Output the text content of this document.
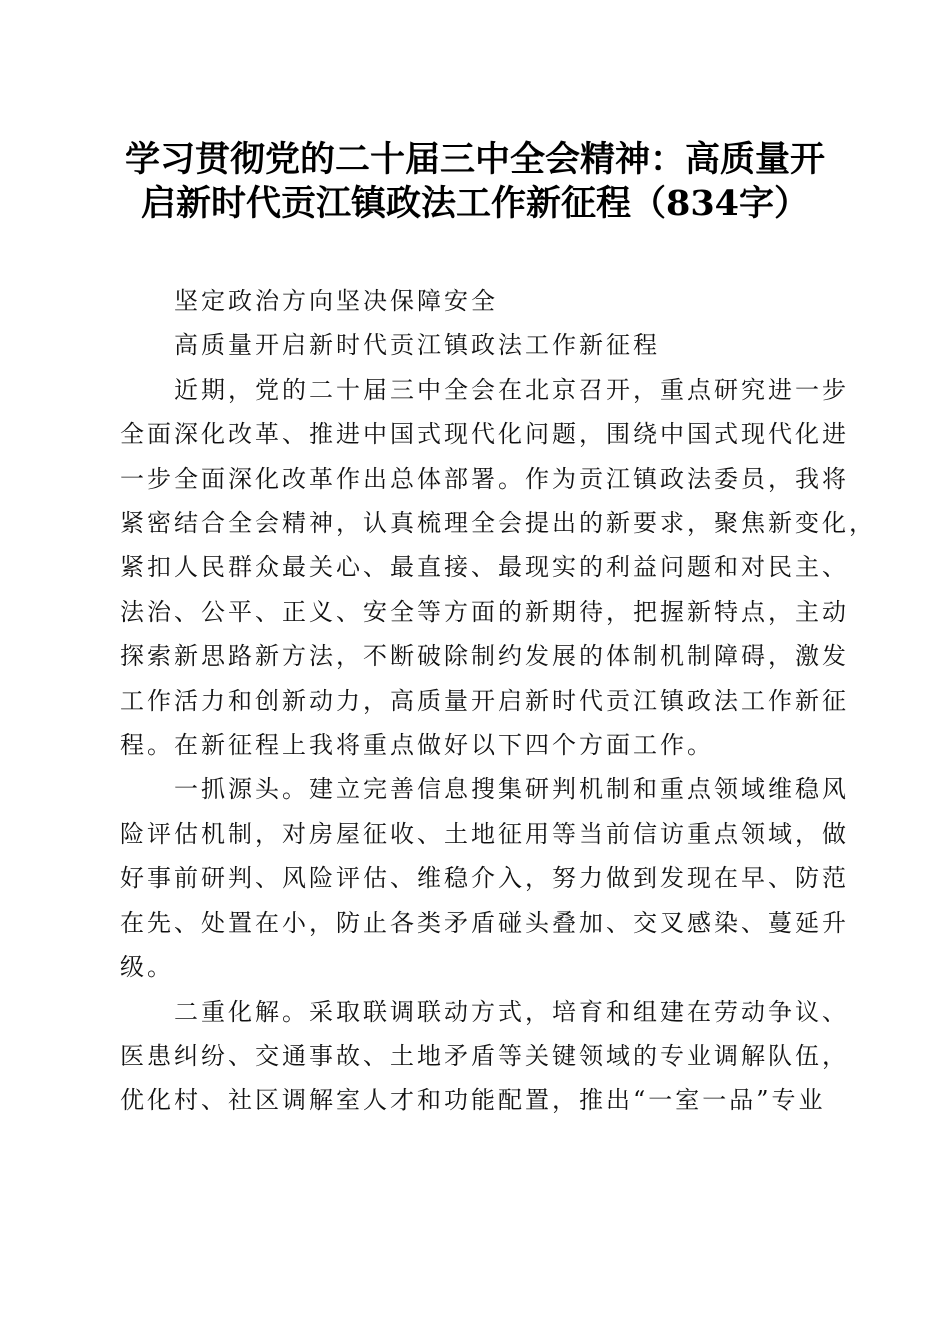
学习贯彻党的二十届三中全会精神：高质量开
启新时代贡江镇政法工作新征程（834字）

坚定政治方向坚决保障安全

高质量开启新时代贡江镇政法工作新征程

近期，党的二十届三中全会在北京召开，重点研究进一步
全面深化改革、推进中国式现代化问题，围绕中国式现代化进
一步全面深化改革作出总体部署。作为贡江镇政法委员，我将
紧密结合全会精神，认真梳理全会提出的新要求，聚焦新变化，
紧扣人民群众最关心、最直接、最现实的利益问题和对民主、
法治、公平、正义、安全等方面的新期待，把握新特点，主动
探索新思路新方法，不断破除制约发展的体制机制障碍，激发
工作活力和创新动力，高质量开启新时代贡江镇政法工作新征
程。在新征程上我将重点做好以下四个方面工作。
一抓源头。建立完善信息搜集研判机制和重点领域维稳风
险评估机制，对房屋征收、土地征用等当前信访重点领域，做
好事前研判、风险评估、维稳介入，努力做到发现在早、防范
在先、处置在小，防止各类矛盾碰头叠加、交叉感染、蔓延升
级。
二重化解。采取联调联动方式，培育和组建在劳动争议、
医患纠纷、交通事故、土地矛盾等关键领域的专业调解队伍，
优化村、社区调解室人才和功能配置，推出“一室一品”专业
